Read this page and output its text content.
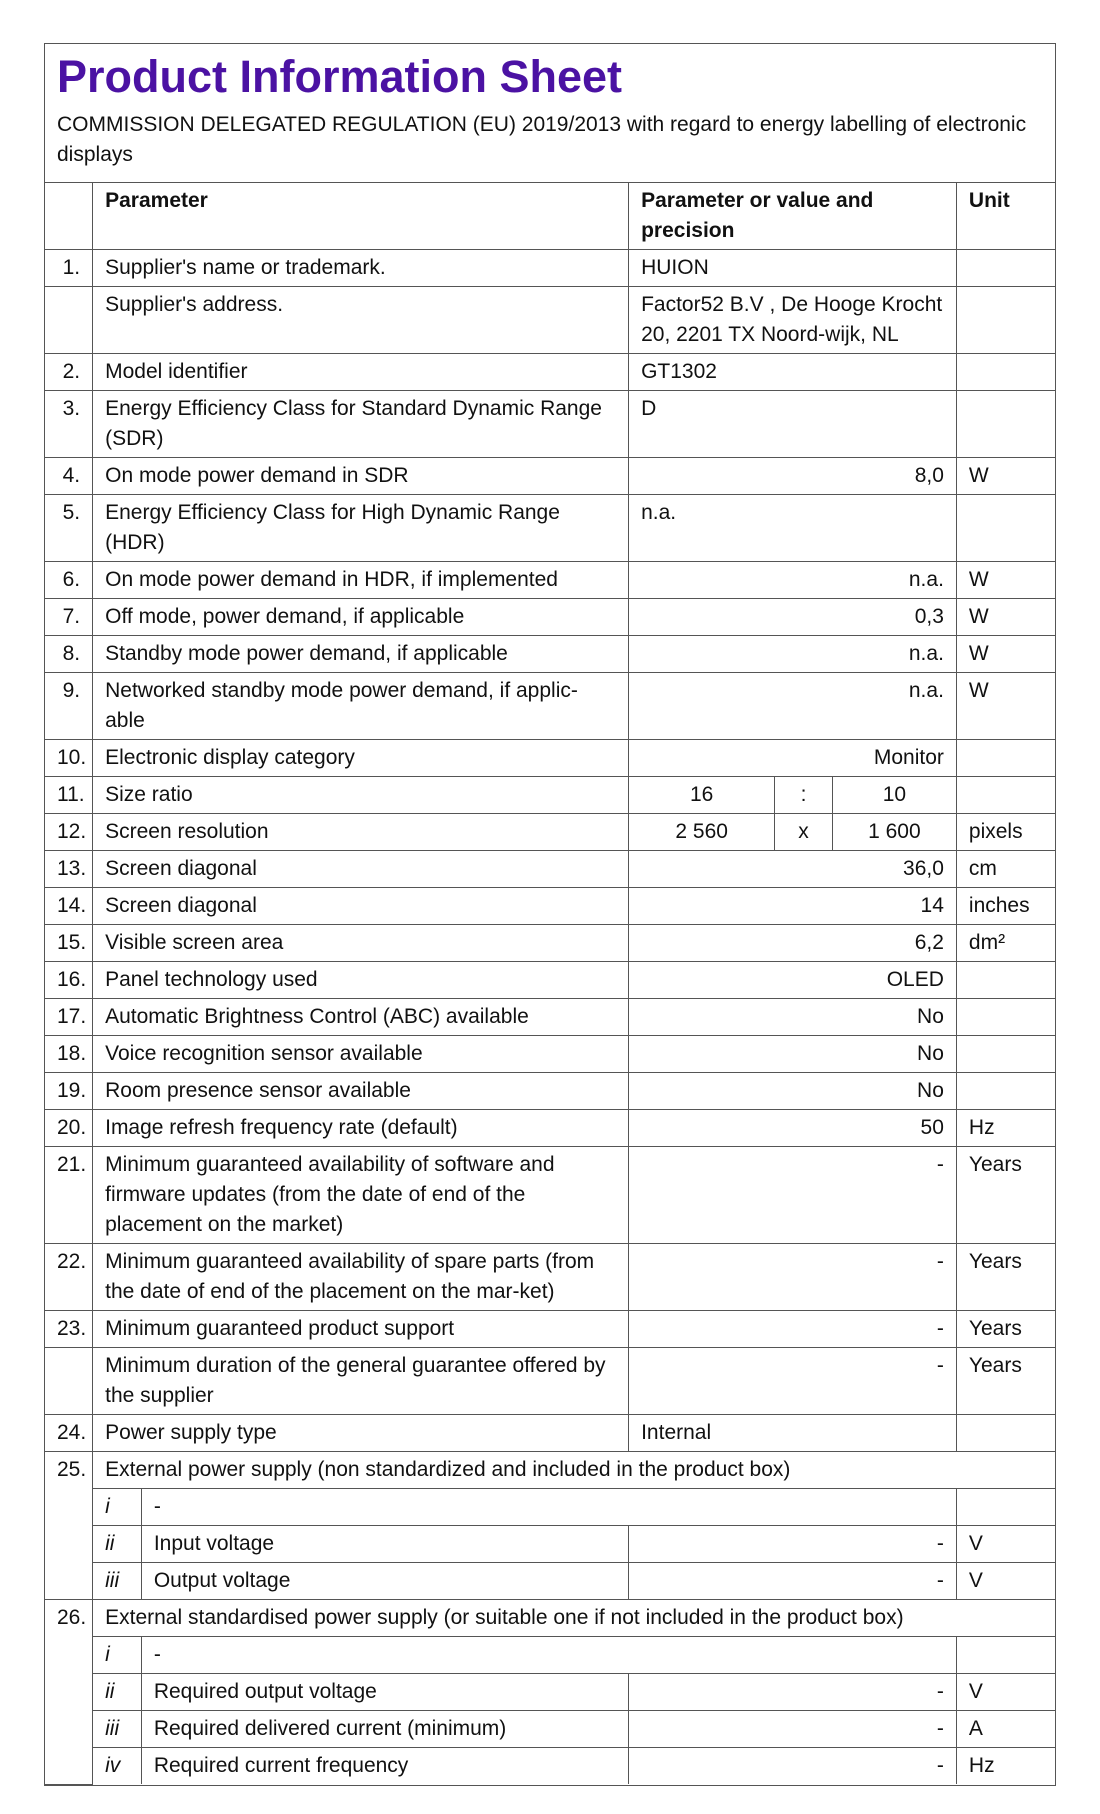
Product Information Sheet
COMMISSION DELEGATED REGULATION (EU) 2019/2013 with regard to energy labelling of electronic displays
	Parameter		Parameter or value and precision			Unit
1.	Supplier's name or trademark.		HUION			
	Supplier's address.		Factor52 B.V , De Hooge Krocht 20, 2201 TX Noord-wijk, NL			
2.	Model identifier		GT1302			
3.	Energy Efficiency Class for Standard Dynamic Range (SDR)		D			
4.	On mode power demand in SDR		8,0			W
5.	Energy Efficiency Class for High Dynamic Range (HDR)		n.a.			
6.	On mode power demand in HDR, if implemented		n.a.			W
7.	Off mode, power demand, if applicable		0,3			W
8.	Standby mode power demand, if applicable		n.a.			W
9.	Networked standby mode power demand, if applic-able		n.a.			W
10.	Electronic display category		Monitor			
11.	Size ratio		16	:	10	
12.	Screen resolution		2 560	x	1 600	pixels
13.	Screen diagonal		36,0			cm
14.	Screen diagonal		14			inches
15.	Visible screen area		6,2			dm²
16.	Panel technology used		OLED			
17.	Automatic Brightness Control (ABC) available		No			
18.	Voice recognition sensor available		No			
19.	Room presence sensor available		No			
20.	Image refresh frequency rate (default)		50			Hz
21.	Minimum guaranteed availability of software and firmware updates (from the date of end of the placement on the market)		-			Years
22.	Minimum guaranteed availability of spare parts (from the date of end of the placement on the mar-ket)		-			Years
23.	Minimum guaranteed product support		-			Years
	Minimum duration of the general guarantee offered by the supplier		-			Years
24.	Power supply type		Internal			
25.	External power supply (non standardized and included in the product box)					
	i	-				
	ii	Input voltage	-			V
	iii	Output voltage	-			V
26.	External standardised power supply (or suitable one if not included in the product box)					
	i	-				
	ii	Required output voltage	-			V
	iii	Required delivered current (minimum)	-			A
	iv	Required current frequency	-			Hz
